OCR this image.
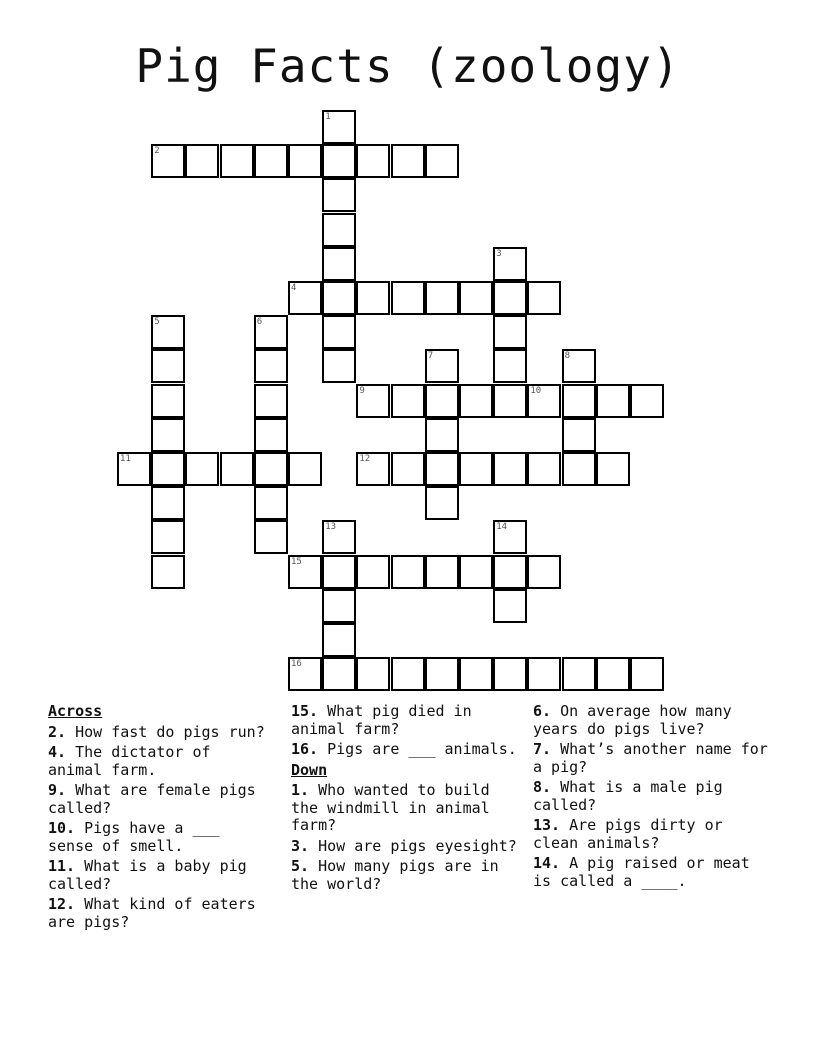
Pig Facts (zoology)
1
2
3
4
5	6
7	8
9	10
11	12
13	14
15
16
Across
2. How fast do pigs run?
4. The dictator of animal farm.
9. What are female pigs called?
10. Pigs have a ___ sense of smell.
11. What is a baby pig called?
12. What kind of eaters are pigs?
15. What pig died in animal farm?
16. Pigs are ___ animals.
Down
1. Who wanted to build the windmill in animal farm?
3. How are pigs eyesight?
5. How many pigs are in the world?
6. On average how many years do pigs live?
7. What’s another name for a pig?
8. What is a male pig called?
13. Are pigs dirty or clean animals?
14. A pig raised or meat is called a ____.
